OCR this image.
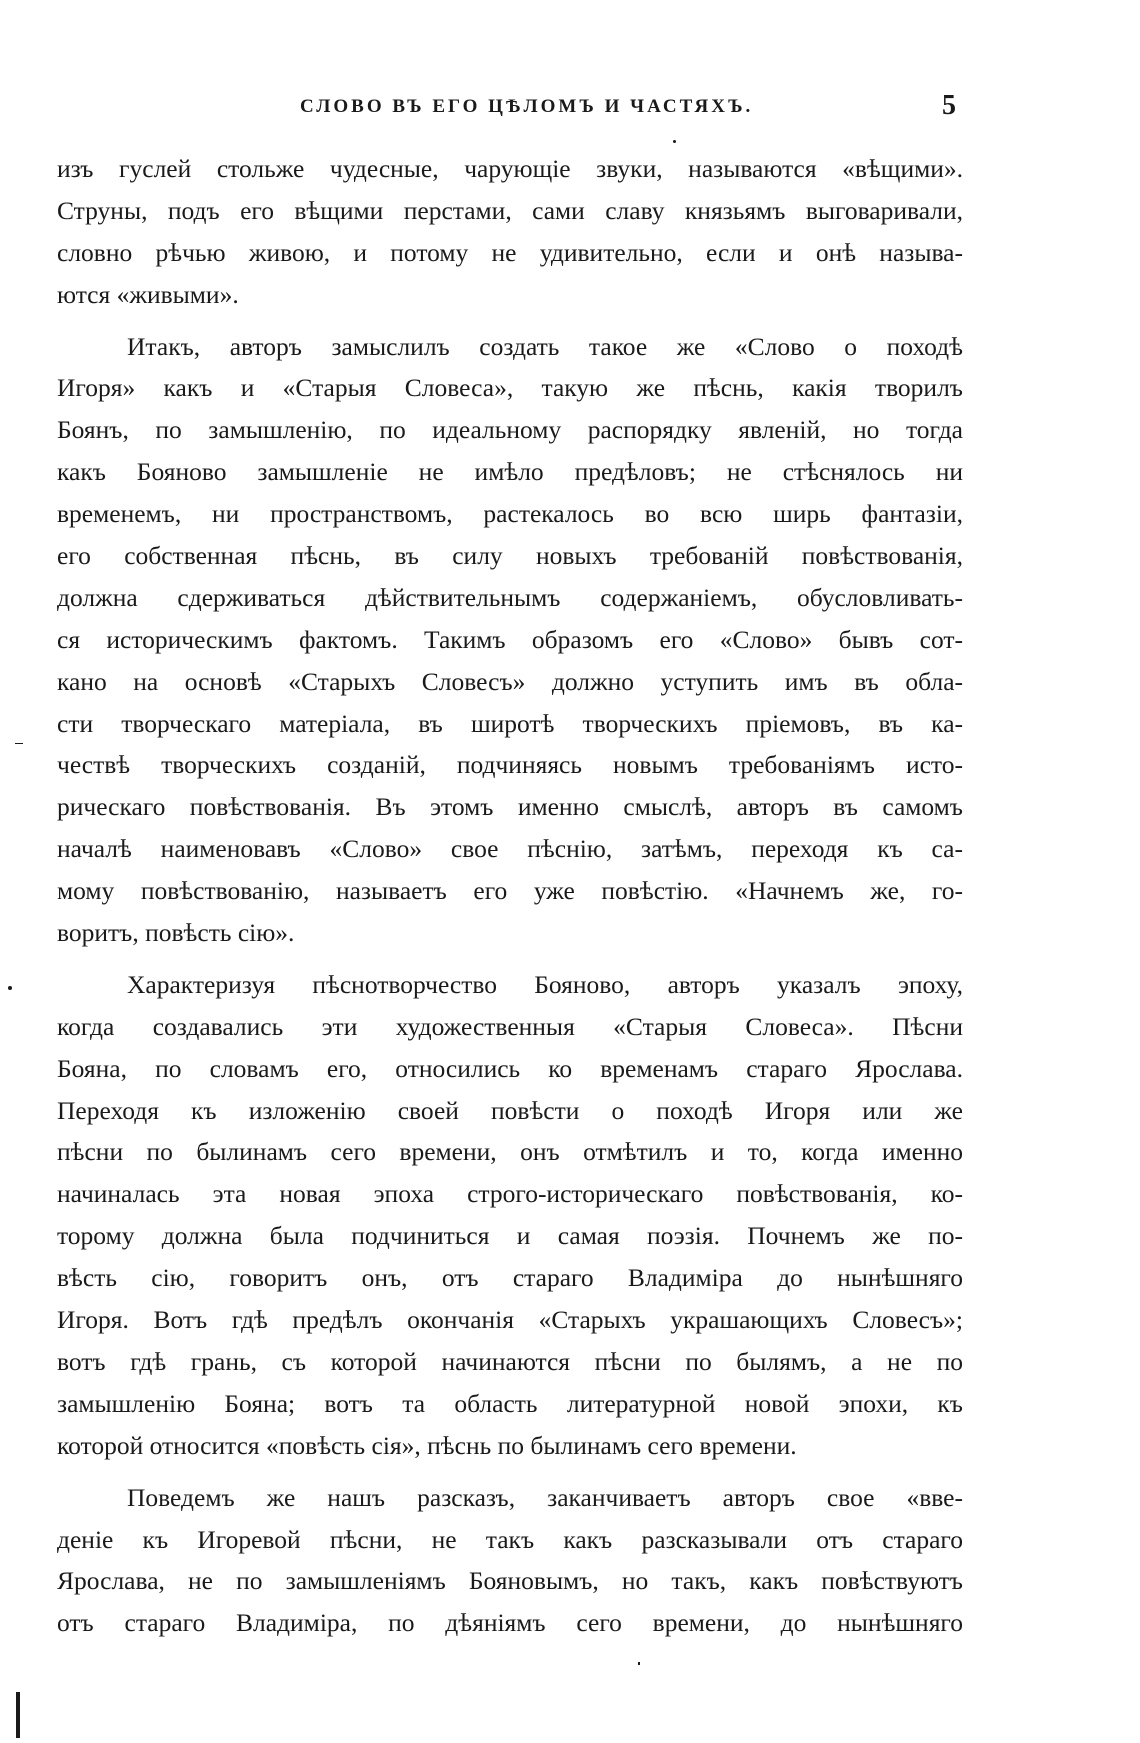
СЛОВО ВЪ ЕГО ЦѢЛОМЪ И ЧАСТЯХЪ.	5
изъ гуслей стольже чудесные, чарующіе звуки, называются «вѣщими».
Струны, подъ его вѣщими перстами, сами славу князьямъ выговаривали,
словно рѣчью живою, и потому не удивительно, если и онѣ называ-
ются «живыми».
Итакъ, авторъ замыслилъ создать такое же «Слово о походѣ
Игоря» какъ и «Старыя Словеса», такую же пѣснь, какія творилъ
Боянъ, по замышленію, по идеальному распорядку явленій, но тогда
какъ Бояново замышленіе не имѣло предѣловъ; не стѣснялось ни
временемъ, ни пространствомъ, растекалось во всю ширь фантазіи,
его собственная пѣснь, въ силу новыхъ требованій повѣствованія,
должна сдерживаться дѣйствительнымъ содержаніемъ, обусловливать-
ся историческимъ фактомъ. Такимъ образомъ его «Слово» бывъ сот-
кано на основѣ «Старыхъ Словесъ» должно уступить имъ въ обла-
сти творческаго матеріала, въ широтѣ творческихъ пріемовъ, въ ка-
чествѣ творческихъ созданій, подчиняясь новымъ требованіямъ исто-
рическаго повѣствованія. Въ этомъ именно смыслѣ, авторъ въ самомъ
началѣ наименовавъ «Слово» свое пѣснію, затѣмъ, переходя къ са-
мому повѣствованію, называетъ его уже повѣстію. «Начнемъ же, го-
воритъ, повѣсть сію».
Характеризуя пѣснотворчество Бояново, авторъ указалъ эпоху,
когда создавались эти художественныя «Старыя Словеса». Пѣсни
Бояна, по словамъ его, относились ко временамъ стараго Ярослава.
Переходя къ изложенію своей повѣсти о походѣ Игоря или же
пѣсни по былинамъ сего времени, онъ отмѣтилъ и то, когда именно
начиналась эта новая эпоха строго-историческаго повѣствованія, ко-
торому должна была подчиниться и самая поэзія. Почнемъ же по-
вѣсть сію, говоритъ онъ, отъ стараго Владиміра до нынѣшняго
Игоря. Вотъ гдѣ предѣлъ окончанія «Старыхъ украшающихъ Словесъ»;
вотъ гдѣ грань, съ которой начинаются пѣсни по былямъ, а не по
замышленію Бояна; вотъ та область литературной новой эпохи, къ
которой относится «повѣсть сія», пѣснь по былинамъ сего времени.
Поведемъ же нашъ разсказъ, заканчиваетъ авторъ свое «вве-
деніе къ Игоревой пѣсни, не такъ какъ разсказывали отъ стараго
Ярослава, не по замышленіямъ Бояновымъ, но такъ, какъ повѣствуютъ
отъ стараго Владиміра, по дѣяніямъ сего времени, до нынѣшняго
